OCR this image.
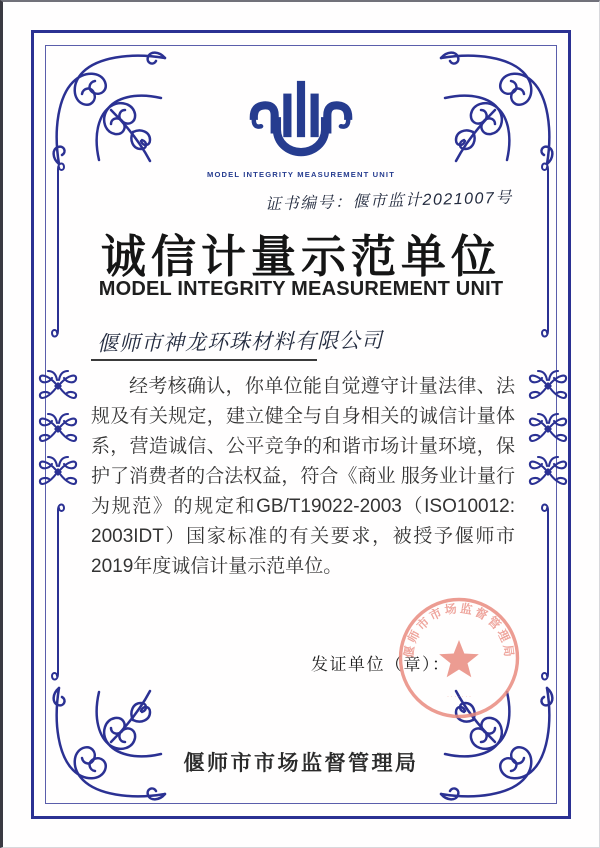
MODEL INTEGRITY MEASUREMENT UNIT
证书编号：偃市监计2021007号
诚信计量示范单位
MODEL INTEGRITY MEASUREMENT UNIT
偃师市神龙环珠材料有限公司
经考核确认，你单位能自觉遵守计量法律、法规及有关规定，建立健全与自身相关的诚信计量体系，营造诚信、公平竞争的和谐市场计量环境，保护了消费者的合法权益，符合《商业 服务业计量行为规范》的规定和GB/T19022-2003（ISO10012: 2003IDT）国家标准的有关要求，被授予偃师市2019年度诚信计量示范单位。
发证单位（章）：
偃师市市场监督管理局
· · · · · · ·
偃师市市场监督管理局
